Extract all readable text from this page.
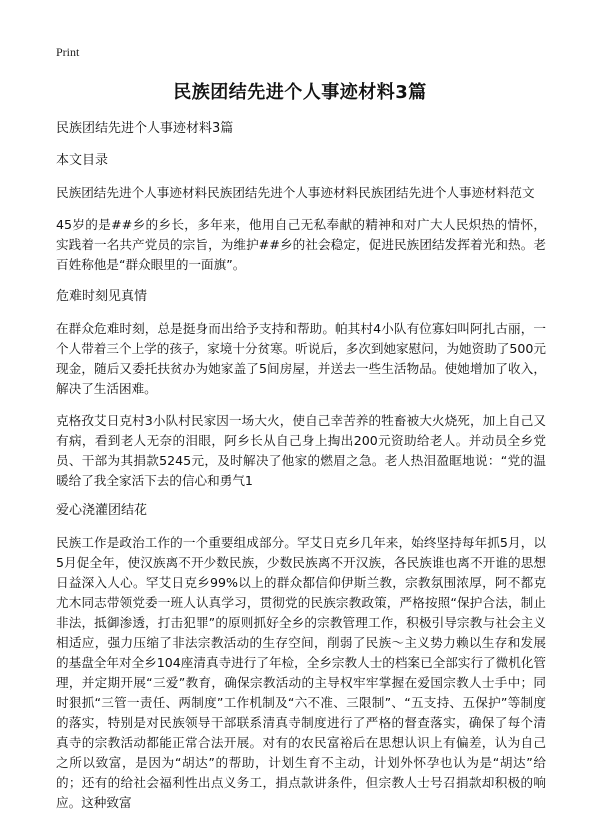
Print
民族团结先进个人事迹材料3篇
民族团结先进个人事迹材料3篇
本文目录

民族团结先进个人事迹材料民族团结先进个人事迹材料民族团结先进个人事迹材料范文

45岁的是##乡的乡长，多年来，他用自己无私奉献的精神和对广大人民炽热的情怀，实践着一名共产党员的宗旨，为维护##乡的社会稳定，促进民族团结发挥着光和热。老百姓称他是“群众眼里的一面旗”。

危难时刻见真情

在群众危难时刻，总是挺身而出给予支持和帮助。帕其村4小队有位寡妇叫阿扎古丽，一个人带着三个上学的孩子，家境十分贫寒。听说后，多次到她家慰问，为她资助了500元现金，随后又委托扶贫办为她家盖了5间房屋，并送去一些生活物品。使她增加了收入，解决了生活困难。

克格孜艾日克村3小队村民家因一场大火，使自己幸苦养的牲畜被大火烧死，加上自己又有病，看到老人无奈的泪眼，阿乡长从自己身上掏出200元资助给老人。并动员全乡党员、干部为其捐款5245元，及时解决了他家的燃眉之急。老人热泪盈眶地说：“党的温暖给了我全家活下去的信心和勇气1

爱心浇灌团结花

民族工作是政治工作的一个重要组成部分。罕艾日克乡几年来，始终坚持每年抓5月，以5月促全年，使汉族离不开少数民族，少数民族离不开汉族，各民族谁也离不开谁的思想日益深入人心。罕艾日克乡99%以上的群众都信仰伊斯兰教，宗教氛围浓厚，阿不都克尤木同志带领党委一班人认真学习，贯彻党的民族宗教政策，严格按照“保护合法，制止非法，抵御渗透，打击犯罪”的原则抓好全乡的宗教管理工作，积极引导宗教与社会主义相适应，强力压缩了非法宗教活动的生存空间，削弱了民族～主义势力赖以生存和发展的基盘全年对全乡104座清真寺进行了年检，全乡宗教人士的档案已全部实行了微机化管理，并定期开展“三爱”教育，确保宗教活动的主导权牢牢掌握在爱国宗教人士手中；同时狠抓“三管一责任、两制度”工作机制及“六不准、三限制”、“五支持、五保护”等制度的落实，特别是对民族领导干部联系清真寺制度进行了严格的督查落实，确保了每个清真寺的宗教活动都能正常合法开展。对有的农民富裕后在思想认识上有偏差，认为自己之所以致富，是因为“胡达”的帮助，计划生育不主动，计划外怀孕也认为是“胡达”给的；还有的给社会福利性出点义务工，捐点款讲条件，但宗教人士号召捐款却积极的响应。这种致富
